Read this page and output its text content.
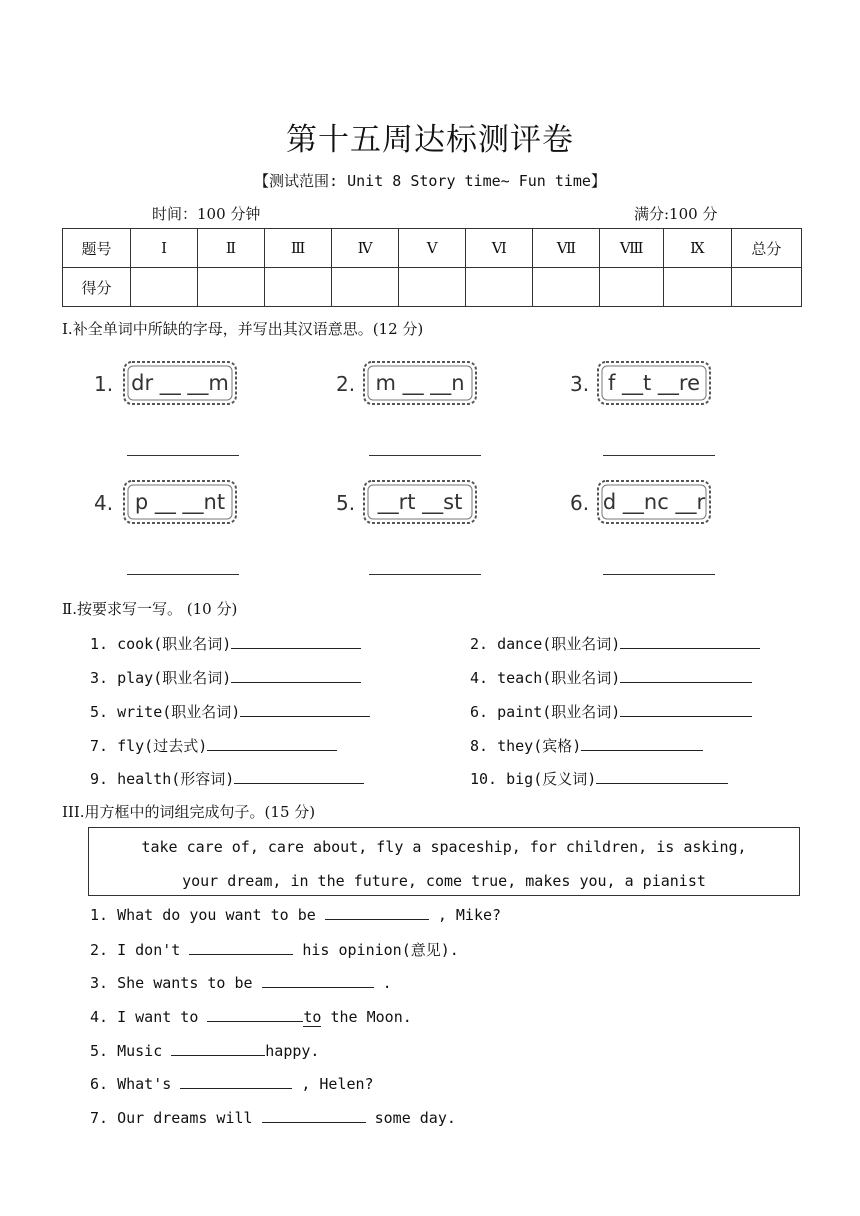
第十五周达标测评卷
【测试范围: Unit 8 Story time~ Fun time】
时间：100 分钟	满分:100 分
题号	Ⅰ	Ⅱ	Ⅲ	Ⅳ	Ⅴ	Ⅵ	Ⅶ	Ⅷ	Ⅸ	总分
得分										
Ⅰ.补全单词中所缺的字母，并写出其汉语意思。(12 分)
1. dr __ __m	2. m __ __n	3. f __t __re
4.	p __ __nt	5.	__rt __st	6. d __nc __r
Ⅱ.按要求写一写。 (10 分)
1. cook(职业名词)	2. dance(职业名词)
3. play(职业名词)	4. teach(职业名词)
5. write(职业名词)	6. paint(职业名词)
7. fly(过去式)	8. they(宾格)
9. health(形容词)	10. big(反义词)
III.用方框中的词组完成句子。(15 分)
take care of, care about, fly a spaceship, for children, is asking,
your dream, in the future, come true, makes you, a pianist
1. What do you want to be	, Mike?
2. I don't	his opinion(意见).
3. She wants to be	.
4. I want to	to the Moon.
5. Music	happy.
6. What's	, Helen?
7. Our dreams will	some day.
